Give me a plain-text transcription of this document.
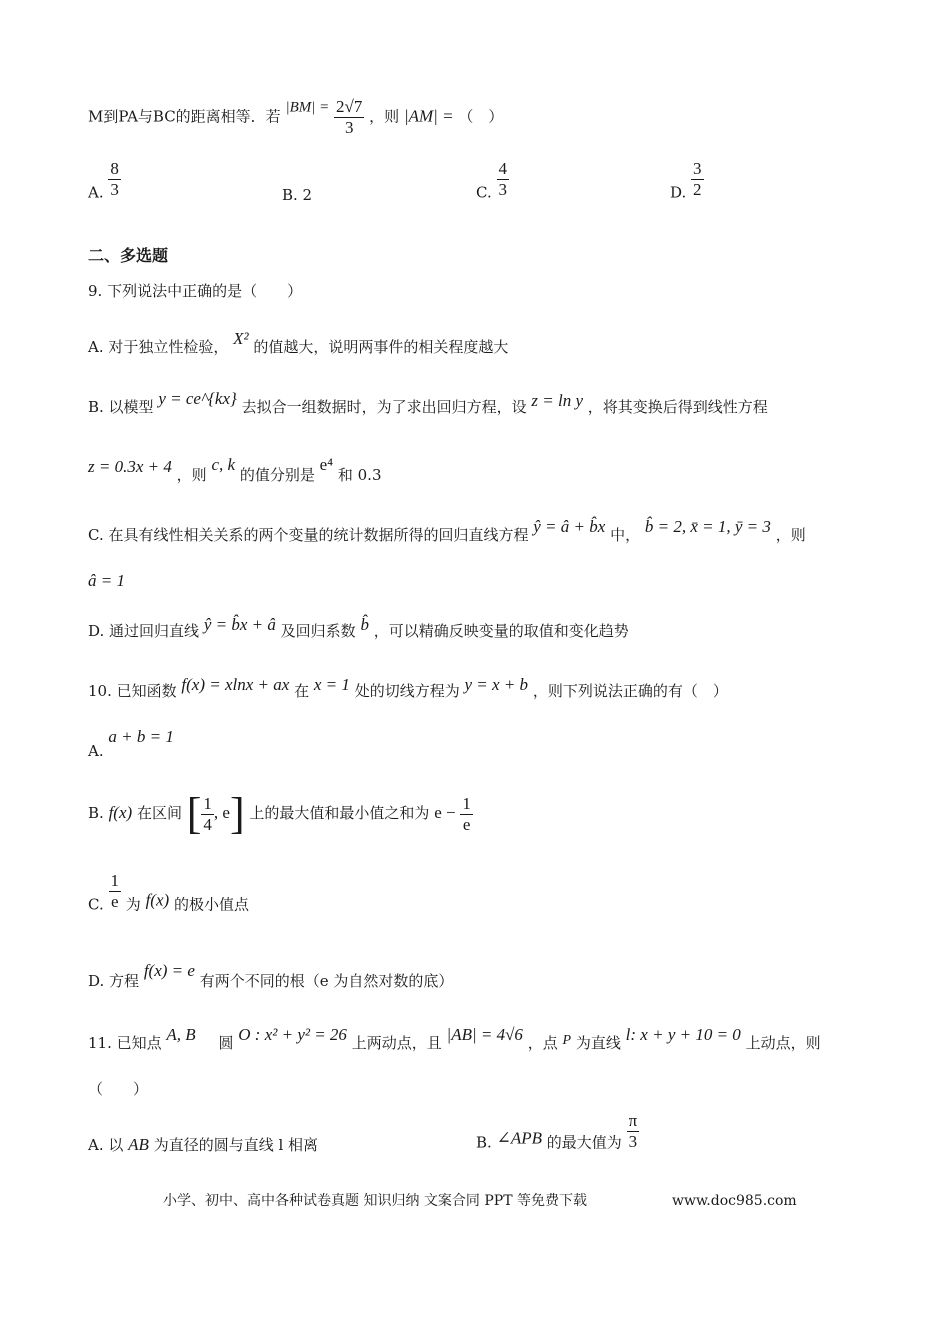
M到PA与BC的距离相等．若 $|BM| = \frac{2√7}{3}$ ，则 |AM| = （　）
A. $\frac{8}{3}$	B. 2	C. $\frac{4}{3}$	D. $\frac{3}{2}$
二、多选题
9. 下列说法中正确的是（　　）
A. 对于独立性检验， X² 的值越大，说明两事件的相关程度越大
B. 以模型 y = ce^{kx} 去拟合一组数据时，为了求出回归方程，设 z = ln y ，将其变换后得到线性方程
z = 0.3x + 4 ，则 c, k 的值分别是 e⁴ 和 0.3
C. 在具有线性相关关系的两个变量的统计数据所得的回归直线方程 ŷ = â + b̂x 中， b̂ = 2, x̄ = 1, ȳ = 3 ，则
â = 1
D. 通过回归直线 ŷ = b̂x + â 及回归系数 b̂ ，可以精确反映变量的取值和变化趋势
10. 已知函数 f(x) = xlnx + ax 在 x = 1 处的切线方程为 y = x + b ，则下列说法正确的有（　）
A. a + b = 1
B. f(x) 在区间 [ $\frac{1}{4}$ , e] 上的最大值和最小值之和为 $e - \frac{1}{e}$
C. $\frac{1}{e}$ 为 f(x) 的极小值点
D. 方程 f(x) = e 有两个不同的根（e 为自然对数的底）
11. 已知点 A, B 圆 O : x² + y² = 26 上两动点，且 |AB| = 4√6 ，点 P 为直线 l: x + y + 10 = 0 上动点，则
（　　）
A. 以 AB 为直径的圆与直线 l 相离	B. ∠APB 的最大值为 $\frac{\pi}{3}$
小学、初中、高中各种试卷真题 知识归纳 文案合同 PPT 等免费下载	www.doc985.com
